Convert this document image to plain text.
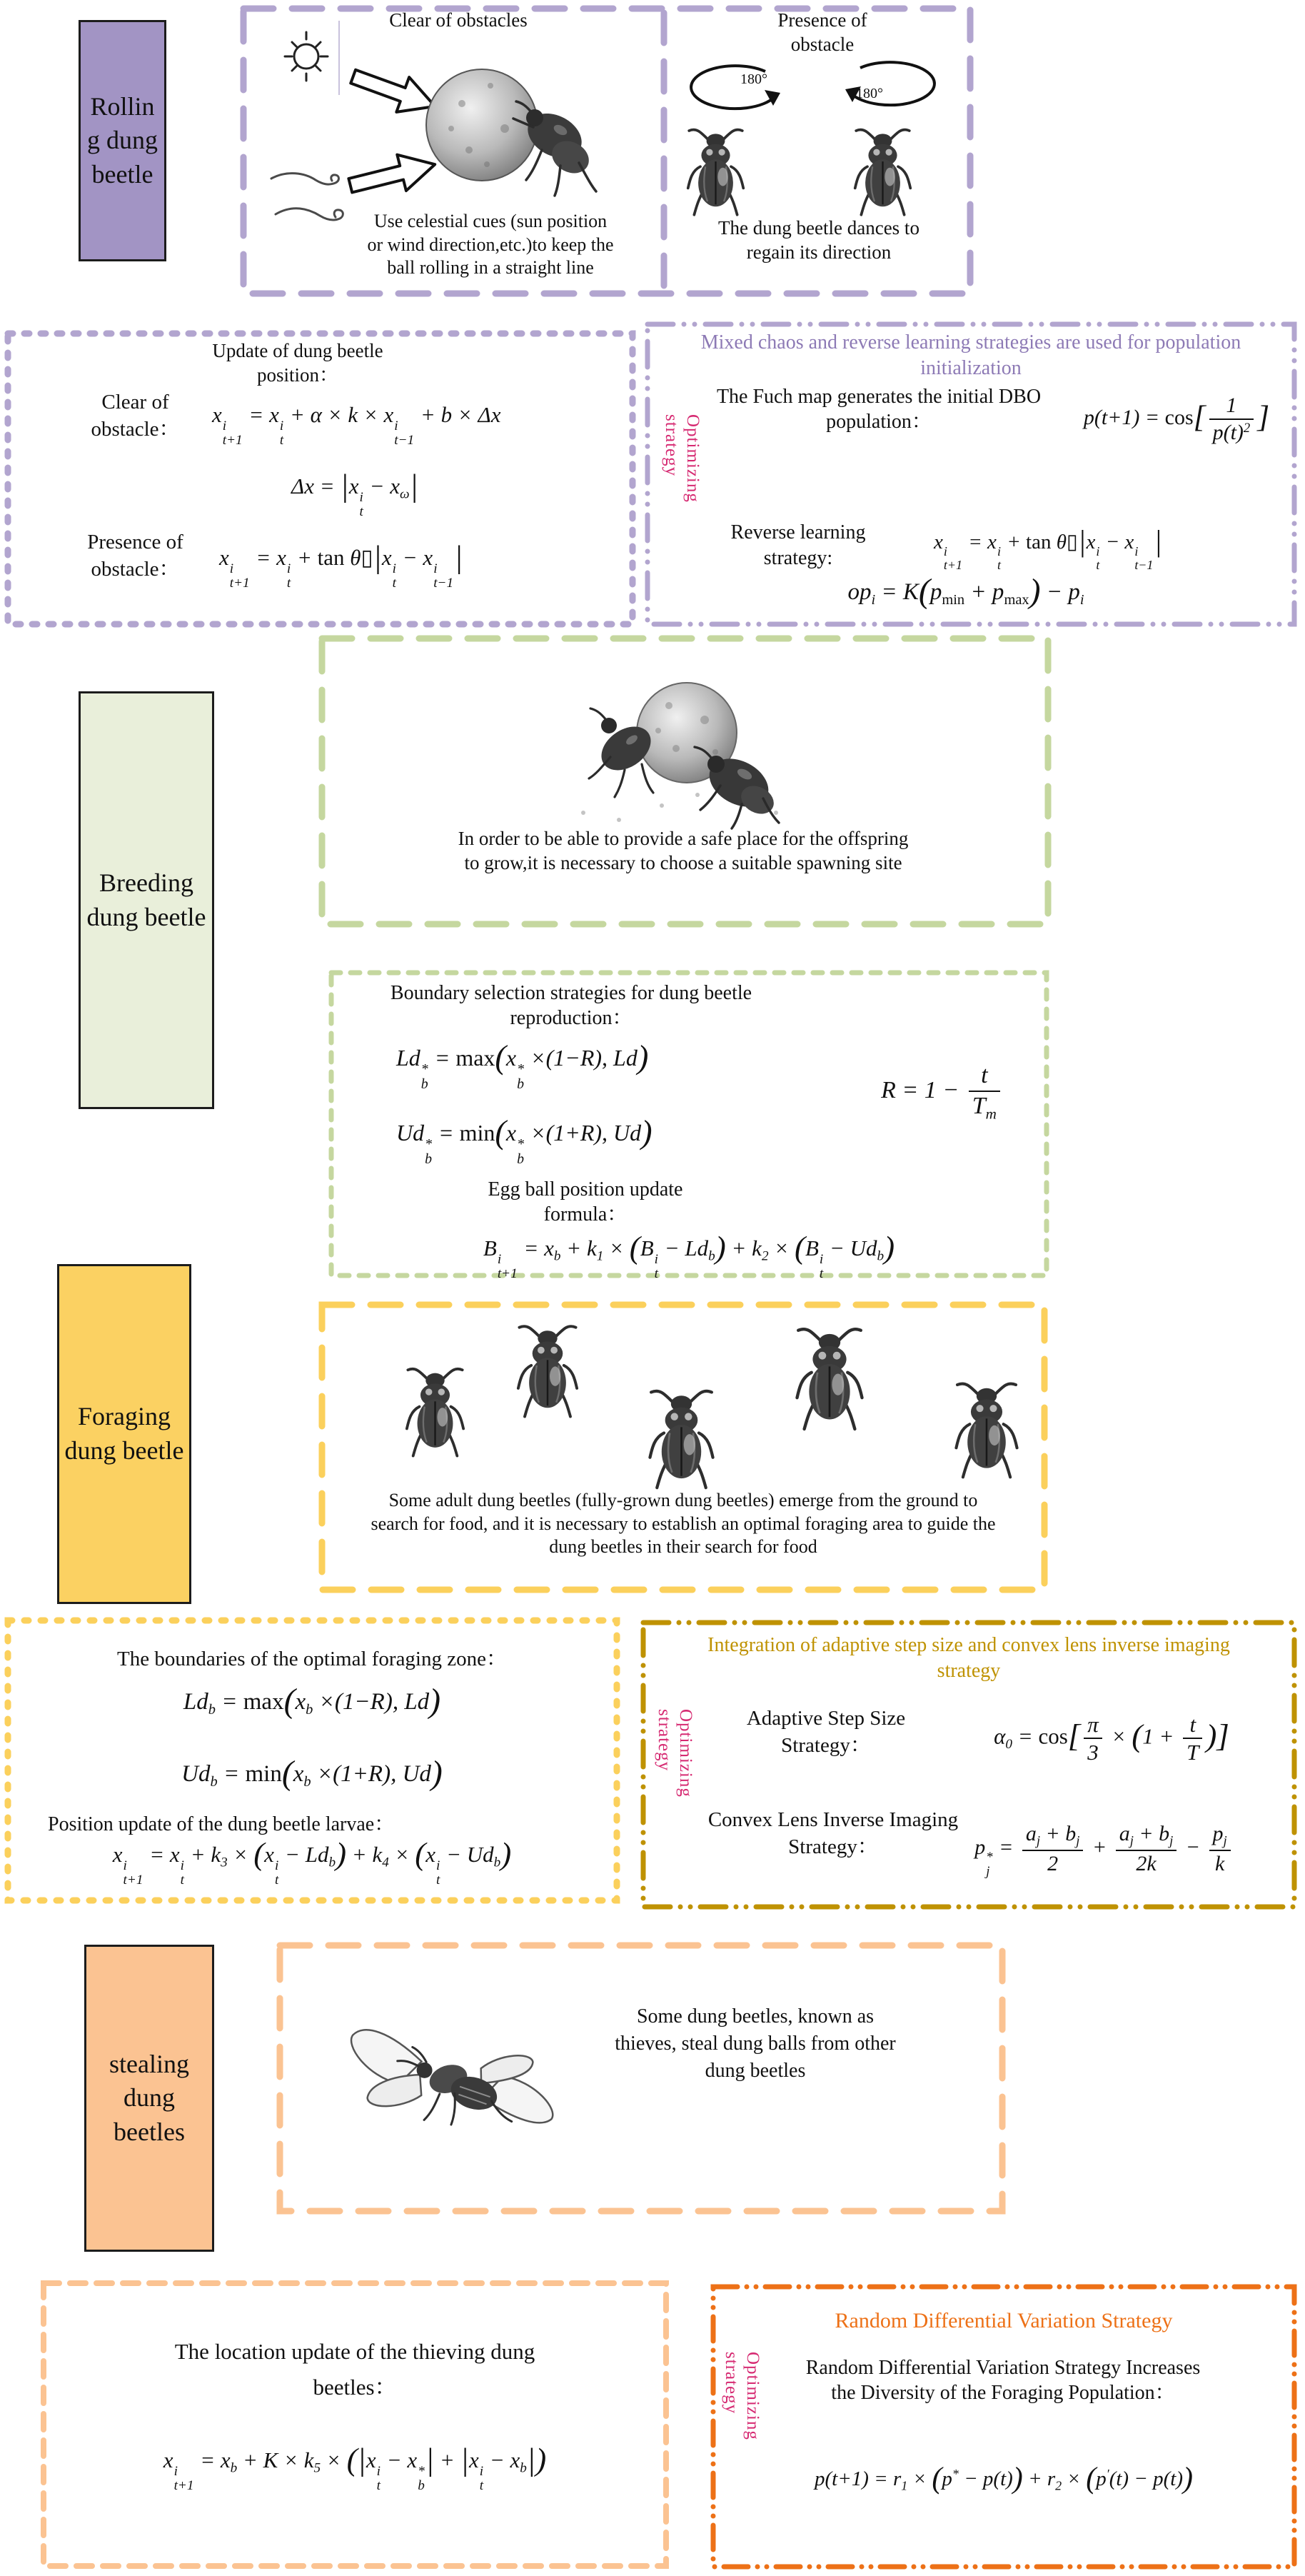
Rolling dung beetle
Clear of obstacles
Use celestial cues (sun position or wind direction,etc.)to keep the ball rolling in a straight line
Presence of obstacle
180°
180°
The dung beetle dances to regain its direction
Update of dung beetle position：
Clear of obstacle：
x i
t+1
= x i
t
+ α × k × x i
t−1
+ b × Δx
Δx = |x i
t
− $x_\omega|$
Presence of obstacle：	x i
t+1
= x i
t
+ tan θ▯|x i
t
− x i
t−1
|
Mixed chaos and reverse learning strategies are used for population initialization
Optimizing strategy
The Fuch map generates the initial DBO population：	$p(t+1) = \cos[ \frac{1}{p(t)^2}$ ]
Reverse learning strategy:
x i
t+1
= x i
t
+ tan θ▯|x i
t
− x i
t−1
|
$op_i = K(p_{min} + p_{max}) - p_i$
Breeding dung beetle
In order to be able to provide a safe place for the offspring to grow,it is necessary to choose a suitable spawning site
Boundary selection strategies for dung beetle reproduction：
Ld *
b
= max(x *
b
×(1−R), Ld)
Ud *
b
= min(x *
b
×(1+R), Ud)
$R = 1 - \frac{t}{T_m}$
Egg ball position update formula：
B i
t+1
= $x_b + k_1 \times (B$ i
t
− $Ld_b) + k_2 \times (B$ i
t
− $Ud_b$)
Foraging dung beetle
Some adult dung beetles (fully-grown dung beetles) emerge from the ground to search for food, and it is necessary to establish an optimal foraging area to guide the dung beetles in their search for food
The boundaries of the optimal foraging zone：
$Ld_b = \max(x_b \times(1-R)$, Ld)
$Ud_b = \min(x_b \times(1+R)$, Ud)
Position update of the dung beetle larvae：
x i
t+1
= x i
t
+ $k_3 \times (x$ i
t
− $Ld_b) + k_4 \times (x$ i
t
− $Ud_b$)
Integration of adaptive step size and convex lens inverse imaging strategy
Optimizing strategy	Adaptive Step Size Strategy：	$\alpha_0 = \cos[ \frac{\pi}{3} \times (1 + \frac{t}{T}$ )]
Convex Lens Inverse Imaging Strategy：	p *
j
= $\frac{a_j + b_j}{2} + \frac{a_j + b_j}{2k} - \frac{p_j}{k}$
stealing dung beetles
Some dung beetles, known as thieves, steal dung balls from other dung beetles
The location update of the thieving dung beetles：
x i
t+1
= $x_b + K \times k_5 \times (|x$ i
t
− x *
b
| + |x i
t
− $x_b|$)
Random Differential Variation Strategy
Optimizing strategy	Random Differential Variation Strategy Increases the Diversity of the Foraging Population：
$p(t+1) = r_1 \times (p^* - p(t)) + r_2 \times (p'(t) - p(t))$
